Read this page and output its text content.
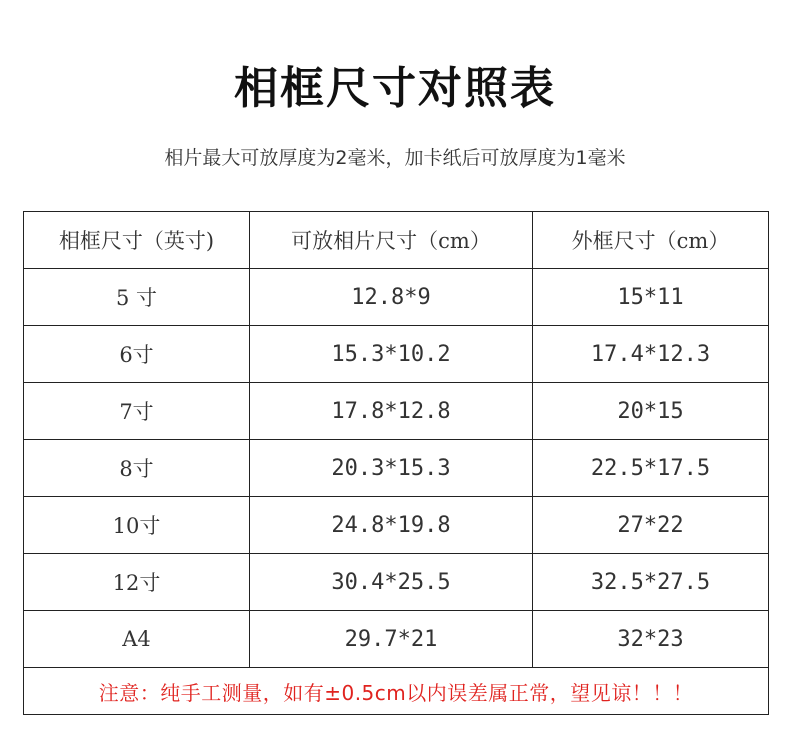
相框尺寸对照表
相片最大可放厚度为2毫米，加卡纸后可放厚度为1毫米
相框尺寸（英寸)	可放相片尺寸（cm）	外框尺寸（cm）
5 寸	12.8*9	15*11
6寸	15.3*10.2	17.4*12.3
7寸	17.8*12.8	20*15
8寸	20.3*15.3	22.5*17.5
10寸	24.8*19.8	27*22
12寸	30.4*25.5	32.5*27.5
A4	29.7*21	32*23
注意：纯手工测量，如有±0.5cm以内误差属正常，望见谅！！！		
